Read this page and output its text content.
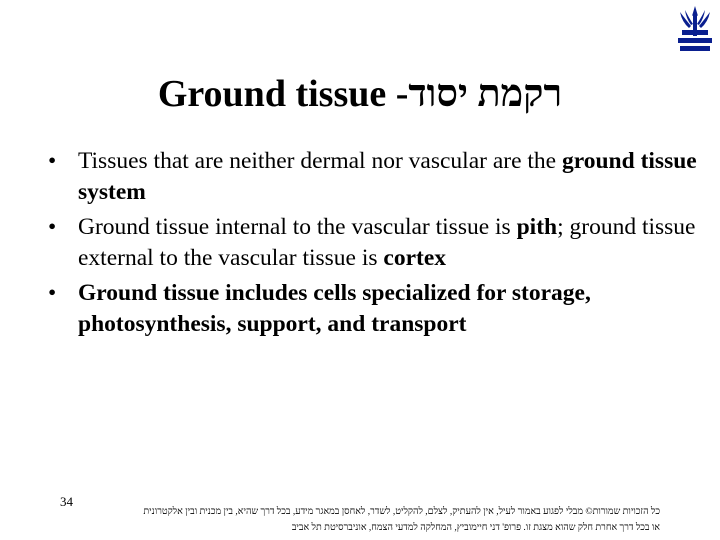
Ground tissue רקמת יסוד-
• Tissues that are neither dermal nor vascular are the ground tissue system
• Ground tissue internal to the vascular tissue is pith; ground tissue external to the vascular tissue is cortex
• Ground tissue includes cells specialized for storage, photosynthesis, support, and transport
34
כל הזכויות שמורות© מבלי לפגוע באמור לעיל, אין להעתיק, לצלם, להקליט, לשדר, לאחסן במאגר מידע, בכל דרך שהיא, בין מכנית ובין אלקטרונית
או בכל דרך אחרת חלק שהוא מצגת זו. פרופ' דני חיימוביץ, המחלקה למדעי הצמח, אוניברסיטת תל אביב
